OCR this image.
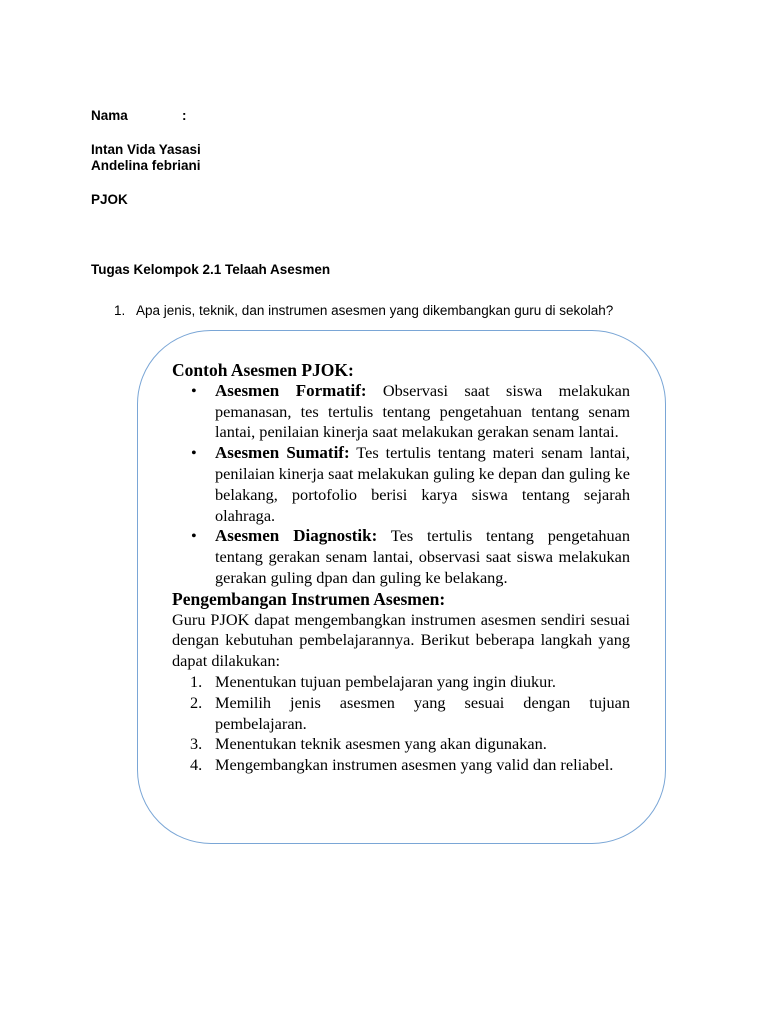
Nama	:
Intan Vida Yasasi
Andelina febriani
PJOK
Tugas Kelompok 2.1 Telaah Asesmen
1. Apa jenis, teknik, dan instrumen asesmen yang dikembangkan guru di sekolah?
Contoh Asesmen PJOK:
•	Asesmen Formatif: Observasi saat siswa melakukan pemanasan, tes tertulis tentang pengetahuan tentang senam lantai, penilaian kinerja saat melakukan gerakan senam lantai.
•	Asesmen Sumatif: Tes tertulis tentang materi senam lantai, penilaian kinerja saat melakukan guling ke depan dan guling ke belakang, portofolio berisi karya siswa tentang sejarah olahraga.
•	Asesmen Diagnostik: Tes tertulis tentang pengetahuan tentang gerakan senam lantai, observasi saat siswa melakukan gerakan guling dpan dan guling ke belakang.
Pengembangan Instrumen Asesmen:
Guru PJOK dapat mengembangkan instrumen asesmen sendiri sesuai dengan kebutuhan pembelajarannya. Berikut beberapa langkah yang dapat dilakukan:
1. Menentukan tujuan pembelajaran yang ingin diukur.
2. Memilih jenis asesmen yang sesuai dengan tujuan pembelajaran.
3. Menentukan teknik asesmen yang akan digunakan.
4. Mengembangkan instrumen asesmen yang valid dan reliabel.
